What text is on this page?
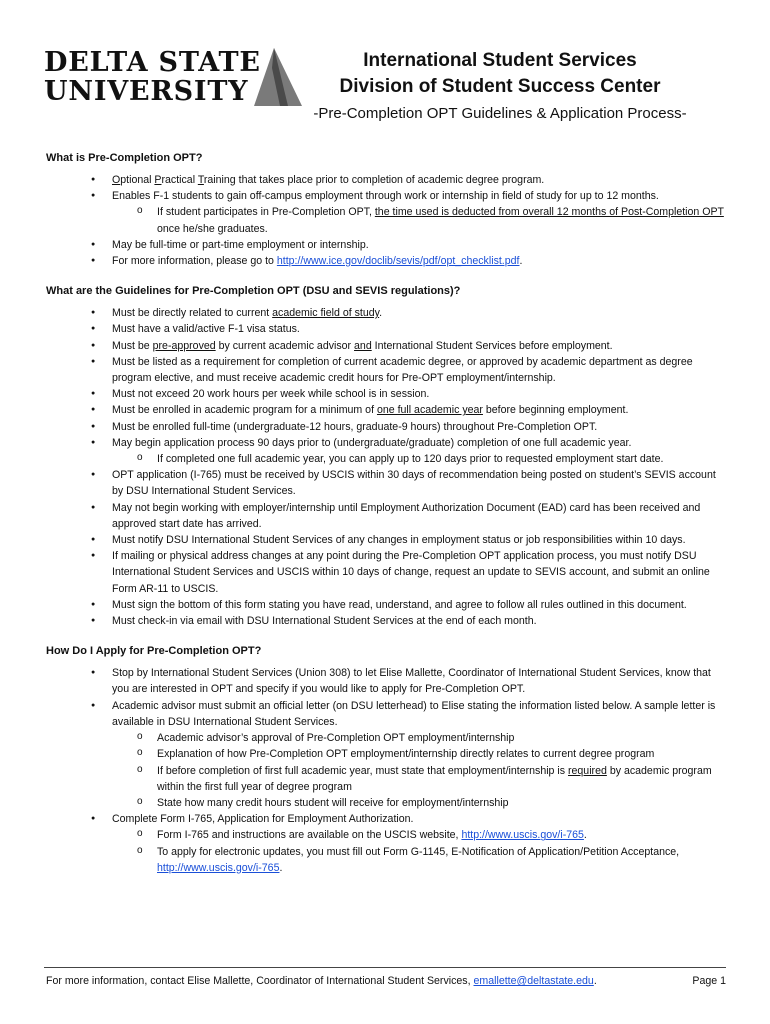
DELTA STATE
UNIVERSITY
International Student Services
Division of Student Success Center
-Pre-Completion OPT Guidelines & Application Process-
What is Pre-Completion OPT?
● Optional Practical Training that takes place prior to completion of academic degree program.
● Enables F-1 students to gain off-campus employment through work or internship in field of study for up to 12 months.
o If student participates in Pre-Completion OPT, the time used is deducted from overall 12 months of Post-Completion OPT once he/she graduates.
● May be full-time or part-time employment or internship.
● For more information, please go to http://www.ice.gov/doclib/sevis/pdf/opt_checklist.pdf.
What are the Guidelines for Pre-Completion OPT (DSU and SEVIS regulations)?
● Must be directly related to current academic field of study.
● Must have a valid/active F-1 visa status.
● Must be pre-approved by current academic advisor and International Student Services before employment.
● Must be listed as a requirement for completion of current academic degree, or approved by academic department as degree program elective, and must receive academic credit hours for Pre-OPT employment/internship.
● Must not exceed 20 work hours per week while school is in session.
● Must be enrolled in academic program for a minimum of one full academic year before beginning employment.
● Must be enrolled full-time (undergraduate-12 hours, graduate-9 hours) throughout Pre-Completion OPT.
● May begin application process 90 days prior to (undergraduate/graduate) completion of one full academic year.
o If completed one full academic year, you can apply up to 120 days prior to requested employment start date.
● OPT application (I-765) must be received by USCIS within 30 days of recommendation being posted on student’s SEVIS account by DSU International Student Services.
● May not begin working with employer/internship until Employment Authorization Document (EAD) card has been received and approved start date has arrived.
● Must notify DSU International Student Services of any changes in employment status or job responsibilities within 10 days.
● If mailing or physical address changes at any point during the Pre-Completion OPT application process, you must notify DSU International Student Services and USCIS within 10 days of change, request an update to SEVIS account, and submit an online Form AR-11 to USCIS.
● Must sign the bottom of this form stating you have read, understand, and agree to follow all rules outlined in this document.
● Must check-in via email with DSU International Student Services at the end of each month.
How Do I Apply for Pre-Completion OPT?
● Stop by International Student Services (Union 308) to let Elise Mallette, Coordinator of International Student Services, know that you are interested in OPT and specify if you would like to apply for Pre-Completion OPT.
● Academic advisor must submit an official letter (on DSU letterhead) to Elise stating the information listed below. A sample letter is available in DSU International Student Services.
o Academic advisor’s approval of Pre-Completion OPT employment/internship
o Explanation of how Pre-Completion OPT employment/internship directly relates to current degree program
o If before completion of first full academic year, must state that employment/internship is required by academic program within the first full year of degree program
o State how many credit hours student will receive for employment/internship
● Complete Form I-765, Application for Employment Authorization.
o Form I-765 and instructions are available on the USCIS website, http://www.uscis.gov/i-765.
o To apply for electronic updates, you must fill out Form G-1145, E-Notification of Application/Petition Acceptance, http://www.uscis.gov/i-765.
For more information, contact Elise Mallette, Coordinator of International Student Services, emallette@deltastate.edu.	Page 1
